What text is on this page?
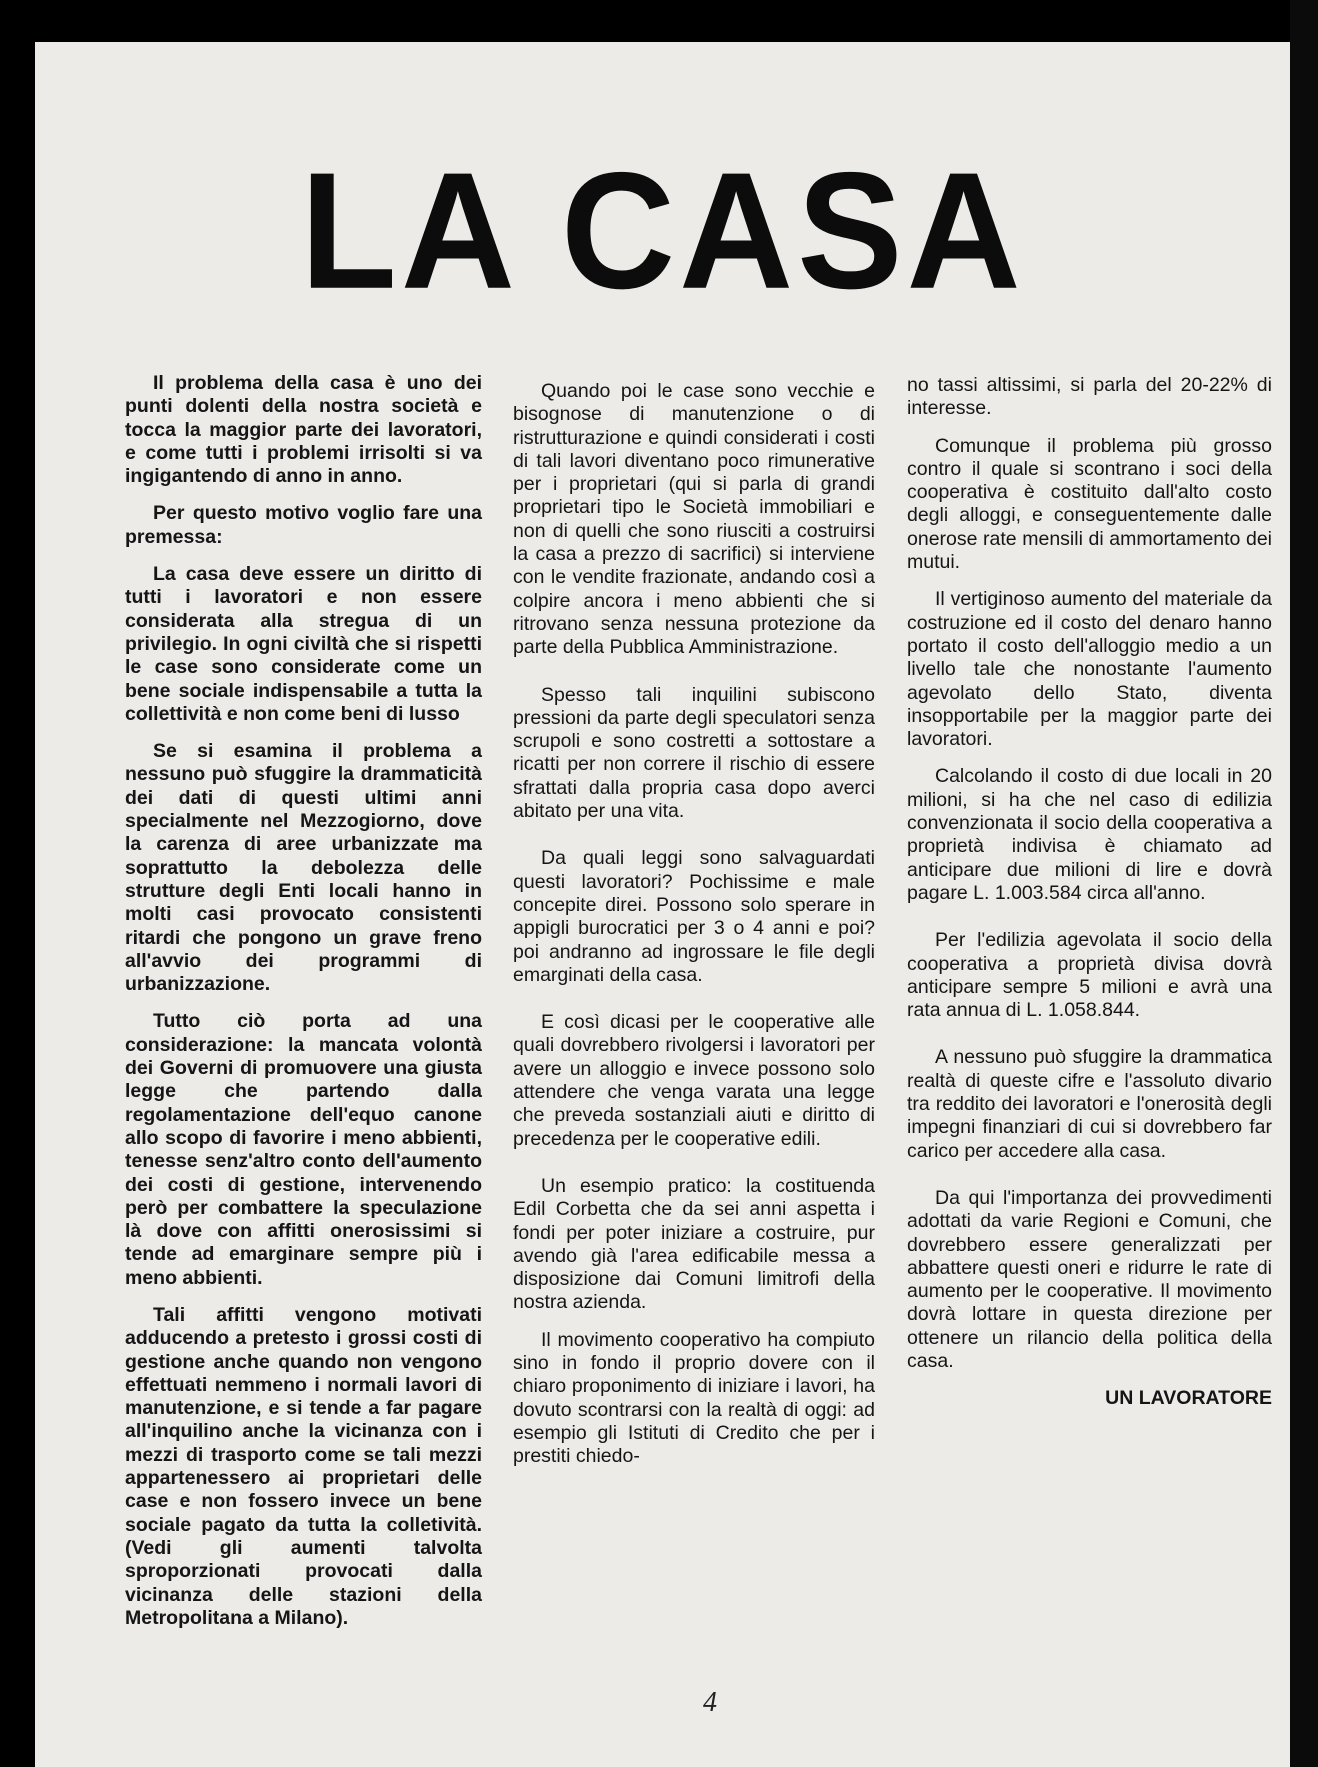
LA CASA

Il problema della casa è uno dei punti dolenti della nostra società e tocca la maggior parte dei lavoratori, e come tutti i problemi irrisolti si va ingigantendo di anno in anno.

Per questo motivo voglio fare una premessa:

La casa deve essere un diritto di tutti i lavoratori e non essere considerata alla stregua di un privilegio. In ogni civiltà che si rispetti le case sono considerate come un bene sociale indispensabile a tutta la collettività e non come beni di lusso

Se si esamina il problema a nessuno può sfuggire la drammaticità dei dati di questi ultimi anni specialmente nel Mezzogiorno, dove la carenza di aree urbanizzate ma soprattutto la debolezza delle strutture degli Enti locali hanno in molti casi provocato consistenti ritardi che pongono un grave freno all'avvio dei programmi di urbanizzazione.

Tutto ciò porta ad una considerazione: la mancata volontà dei Governi di promuovere una giusta legge che partendo dalla regolamentazione dell'equo canone allo scopo di favorire i meno abbienti, tenesse senz'altro conto dell'aumento dei costi di gestione, intervenendo però per combattere la speculazione là dove con affitti onerosissimi si tende ad emarginare sempre più i meno abbienti.

Tali affitti vengono motivati adducendo a pretesto i grossi costi di gestione anche quando non vengono effettuati nemmeno i normali lavori di manutenzione, e si tende a far pagare all'inquilino anche la vicinanza con i mezzi di trasporto come se tali mezzi appartenessero ai proprietari delle case e non fossero invece un bene sociale pagato da tutta la colletività. (Vedi gli aumenti talvolta sproporzionati provocati dalla vicinanza delle stazioni della Metropolitana a Milano).

Quando poi le case sono vecchie e bisognose di manutenzione o di ristrutturazione e quindi considerati i costi di tali lavori diventano poco rimunerative per i proprietari (qui si parla di grandi proprietari tipo le Società immobiliari e non di quelli che sono riusciti a costruirsi la casa a prezzo di sacrifici) si interviene con le vendite frazionate, andando così a colpire ancora i meno abbienti che si ritrovano senza nessuna protezione da parte della Pubblica Amministrazione.

Spesso tali inquilini subiscono pressioni da parte degli speculatori senza scrupoli e sono costretti a sottostare a ricatti per non correre il rischio di essere sfrattati dalla propria casa dopo averci abitato per una vita.

Da quali leggi sono salvaguardati questi lavoratori? Pochissime e male concepite direi. Possono solo sperare in appigli burocratici per 3 o 4 anni e poi? poi andranno ad ingrossare le file degli emarginati della casa.

E così dicasi per le cooperative alle quali dovrebbero rivolgersi i lavoratori per avere un alloggio e invece possono solo attendere che venga varata una legge che preveda sostanziali aiuti e diritto di precedenza per le cooperative edili.

Un esempio pratico: la costituenda Edil Corbetta che da sei anni aspetta i fondi per poter iniziare a costruire, pur avendo già l'area edificabile messa a disposizione dai Comuni limitrofi della nostra azienda.

Il movimento cooperativo ha compiuto sino in fondo il proprio dovere con il chiaro proponimento di iniziare i lavori, ha dovuto scontrarsi con la realtà di oggi: ad esempio gli Istituti di Credito che per i prestiti chiedo-

no tassi altissimi, si parla del 20-22% di interesse.

Comunque il problema più grosso contro il quale si scontrano i soci della cooperativa è costituito dall'alto costo degli alloggi, e conseguentemente dalle onerose rate mensili di ammortamento dei mutui.

Il vertiginoso aumento del materiale da costruzione ed il costo del denaro hanno portato il costo dell'alloggio medio a un livello tale che nonostante l'aumento agevolato dello Stato, diventa insopportabile per la maggior parte dei lavoratori.

Calcolando il costo di due locali in 20 milioni, si ha che nel caso di edilizia convenzionata il socio della cooperativa a proprietà indivisa è chiamato ad anticipare due milioni di lire e dovrà pagare L. 1.003.584 circa all'anno.

Per l'edilizia agevolata il socio della cooperativa a proprietà divisa dovrà anticipare sempre 5 milioni e avrà una rata annua di L. 1.058.844.

A nessuno può sfuggire la drammatica realtà di queste cifre e l'assoluto divario tra reddito dei lavoratori e l'onerosità degli impegni finanziari di cui si dovrebbero far carico per accedere alla casa.

Da qui l'importanza dei provvedimenti adottati da varie Regioni e Comuni, che dovrebbero essere generalizzati per abbattere questi oneri e ridurre le rate di aumento per le cooperative. Il movimento dovrà lottare in questa direzione per ottenere un rilancio della politica della casa.

UN LAVORATORE

4
